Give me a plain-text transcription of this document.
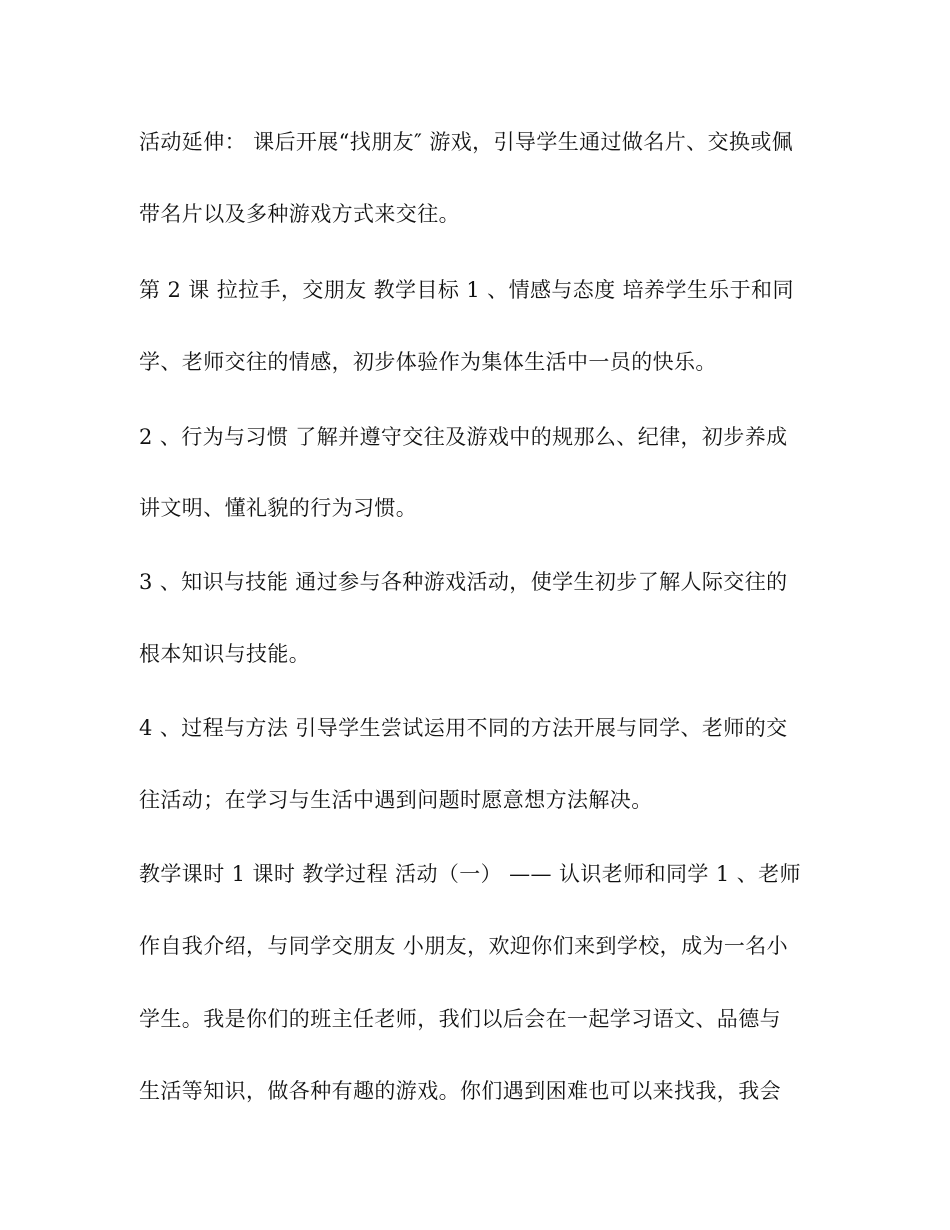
活动延伸： 课后开展“找朋友″ 游戏，引导学生通过做名片、交换或佩
带名片以及多种游戏方式来交往。
第 2 课 拉拉手，交朋友 教学目标 1 、情感与态度 培养学生乐于和同
学、老师交往的情感，初步体验作为集体生活中一员的快乐。
2 、行为与习惯 了解并遵守交往及游戏中的规那么、纪律，初步养成
讲文明、懂礼貌的行为习惯。
3 、知识与技能 通过参与各种游戏活动，使学生初步了解人际交往的
根本知识与技能。
4 、过程与方法 引导学生尝试运用不同的方法开展与同学、老师的交
往活动；在学习与生活中遇到问题时愿意想方法解决。
教学课时 1 课时 教学过程 活动（一） —— 认识老师和同学 1 、老师
作自我介绍，与同学交朋友 小朋友，欢迎你们来到学校，成为一名小
学生。我是你们的班主任老师，我们以后会在一起学习语文、品德与
生活等知识，做各种有趣的游戏。你们遇到困难也可以来找我，我会
